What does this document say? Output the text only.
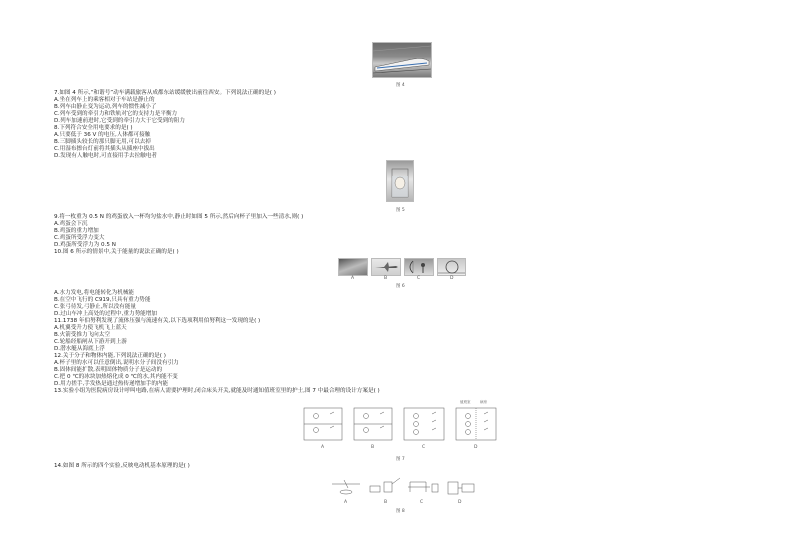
图 4
7.如图 4 所示,“和谐号”动车满载旅客从成都东站缓缓驶出前往西安。下列说法正确的是( )
A.坐在列车上的乘客相对于车站是静止的
B.列车由静止变为运动,列车的惯性减小了
C.列车受到的牵引力和铁轨对它的支持力是平衡力
D.列车加速前进时,它受到的牵引力大于它受到的阻力
8.下列符合安全用电要求的是( )
A.只要低于 36 V 的电压,人体都可接触
B.三脚插头较长的那只脚无用,可以去掉
C.用湿布擦台灯前将其插头从插座中拔出
D.发现有人触电时,可直接用手去拉触电者
图 5
9.将一枚重为 0.5 N 的鸡蛋放入一杯均匀盐水中,静止时如图 5 所示,然后向杯子里加入一些清水,则( )
A.鸡蛋会下沉
B.鸡蛋的重力增加
C.鸡蛋所受浮力变大
D.鸡蛋所受浮力为 0.5 N
10.图 6 所示的情景中,关于能量的说法正确的是( )
A	B	C	D
图 6
A.水力发电,将电能转化为机械能
B.在空中飞行的 C919,只具有重力势能
C.张弓待发,弓静止,所以没有能量
D.过山车冲上高处的过程中,重力势能增加
11.1738 年伯努利发现了流体压强与流速有关,以下选项利用伯努利这一发现的是( )
A.机翼受升力使飞机飞上蓝天
B.火箭受推力飞向太空
C.轮船经船闸从下游开到上游
D.潜水艇从海底上浮
12.关于分子和物体内能,下列说法正确的是( )
A.杯子里的水可以任意倒出,说明水分子间没有引力
B.固体间能扩散,表明固体物质分子是运动的
C.把 0 ℃的冰块加热熔化成 0 ℃的水,其内能不变
D.用力搓手,手发热是通过热传递增加手的内能
13.实验小组为医院病房设计呼叫电路,在病人需要护理时,闭合床头开关,就能及时通知值班室里的护士,图 7 中最合理的设计方案是( )
值班室	病房
A	B	C	D
图 7
14.如图 8 所示的四个实验,反映电动机基本原理的是( )
A	B	C	D
图 8
